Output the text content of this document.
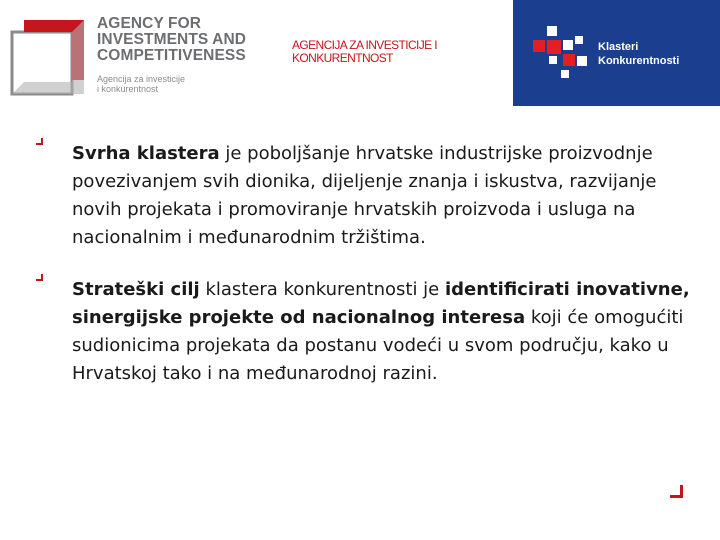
AGENCY FOR
INVESTMENTS AND
COMPETITIVENESS
Agencija za investicije
i konkurentnost
AGENCIJA ZA INVESTICIJE I
KONKURENTNOST
Klasteri
Konkurentnosti
Svrha klastera je poboljšanje hrvatske industrijske proizvodnje povezivanjem svih dionika, dijeljenje znanja i iskustva, razvijanje novih projekata i promoviranje hrvatskih proizvoda i usluga na nacionalnim i međunarodnim tržištima.
Strateški cilj klastera konkurentnosti je identificirati inovativne, sinergijske projekte od nacionalnog interesa koji će omogućiti sudionicima projekata da postanu vodeći u svom području, kako u Hrvatskoj tako i na međunarodnoj razini.
